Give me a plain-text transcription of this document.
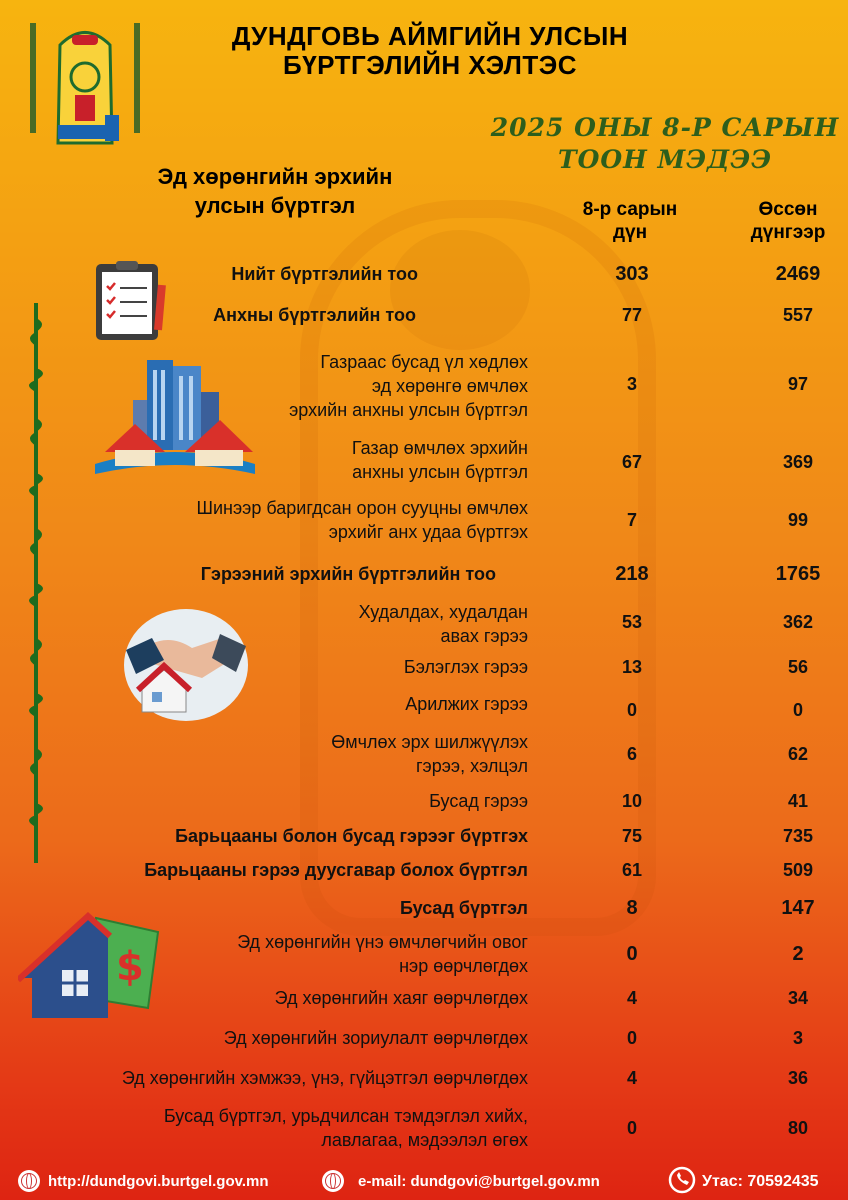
ДУНДГОВЬ АЙМГИЙН УЛСЫН
БҮРТГЭЛИЙН ХЭЛТЭС
2025 ОНЫ 8-Р САРЫН
ТООН МЭДЭЭ
Эд хөрөнгийн эрхийн
улсын бүртгэл	8-р сарын
дүн
Өссөн
дүнгээр
$
Нийт бүртгэлийн тоо	303	2469
Анхны бүртгэлийн тоо	77	557
Газраас бусад үл хөдлөх
эд хөрөнгө өмчлөх
эрхийн анхны улсын бүртгэл
3	97
Газар өмчлөх эрхийн
анхны улсын бүртгэл	67	369
Шинээр баригдсан орон сууцны өмчлөх
эрхийг анх удаа бүртгэх
7	99
Гэрээний эрхийн бүртгэлийн тоо	218	1765
Худалдах, худалдан
авах гэрээ
53	362
Бэлэглэх гэрээ	13	56
Арилжих гэрээ	0	0
Өмчлөх эрх шилжүүлэх
гэрээ, хэлцэл
6	62
Бусад гэрээ	10	41
Барьцааны болон бусад гэрээг бүртгэх	75	735
Барьцааны гэрээ дуусгавар болох бүртгэл	61	509
Бусад бүртгэл	8	147
Эд хөрөнгийн үнэ өмчлөгчийн овог
нэр өөрчлөгдөх
0	2
Эд хөрөнгийн хаяг өөрчлөгдөх	4	34
Эд хөрөнгийн зориулалт өөрчлөгдөх	0	3
Эд хөрөнгийн хэмжээ, үнэ, гүйцэтгэл өөрчлөгдөх	4	36
Бусад бүртгэл, урьдчилсан тэмдэглэл хийх,
лавлагаа, мэдээлэл өгөх
0	80
http://dundgovi.burtgel.gov.mn	e-mail: dundgovi@burtgel.gov.mn	Утас: 70592435
